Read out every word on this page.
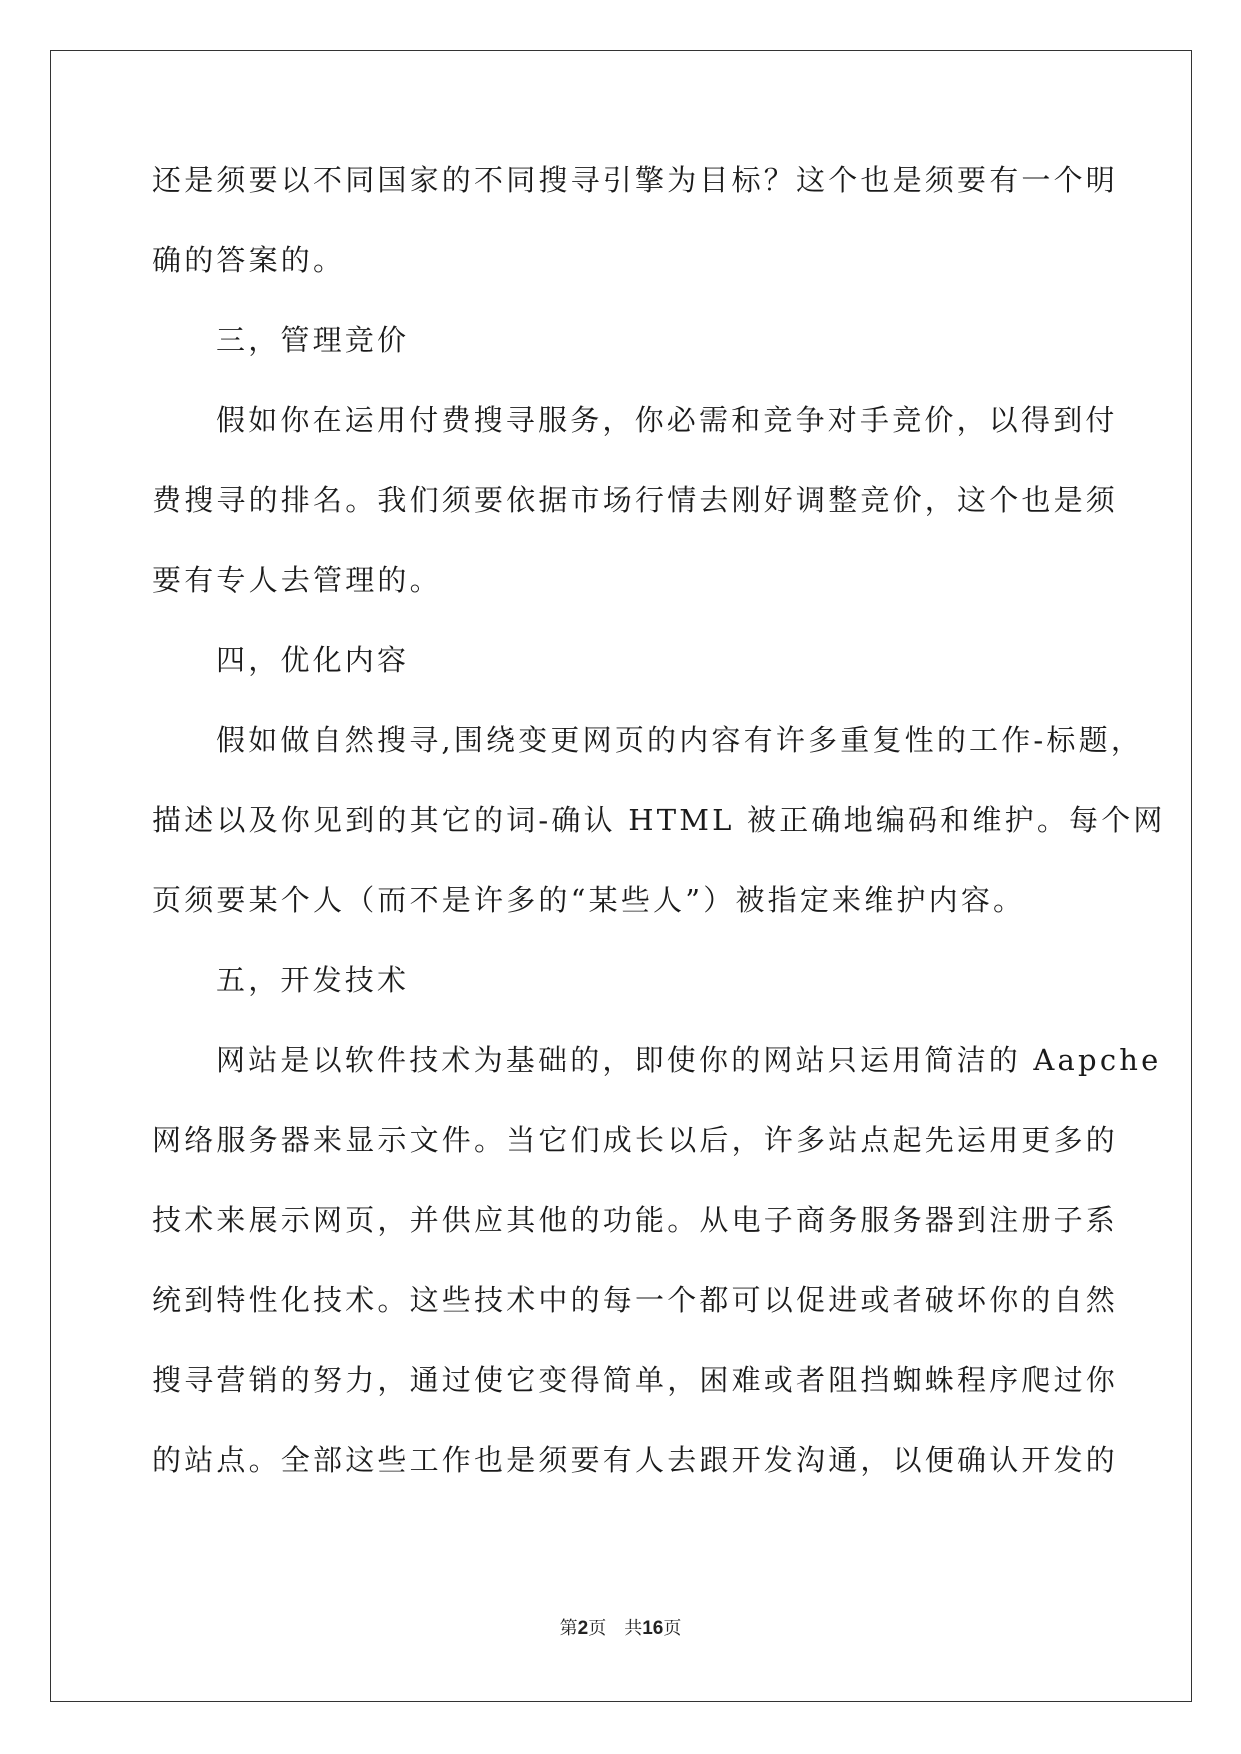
还是须要以不同国家的不同搜寻引擎为目标？这个也是须要有一个明
确的答案的。
三，管理竞价
假如你在运用付费搜寻服务，你必需和竞争对手竞价，以得到付
费搜寻的排名。我们须要依据市场行情去刚好调整竞价，这个也是须
要有专人去管理的。
四，优化内容
假如做自然搜寻,围绕变更网页的内容有许多重复性的工作-标题，
描述以及你见到的其它的词-确认 HTML 被正确地编码和维护。每个网
页须要某个人（而不是许多的“某些人”）被指定来维护内容。
五，开发技术
网站是以软件技术为基础的，即使你的网站只运用简洁的 Aapche
网络服务器来显示文件。当它们成长以后，许多站点起先运用更多的
技术来展示网页，并供应其他的功能。从电子商务服务器到注册子系
统到特性化技术。这些技术中的每一个都可以促进或者破坏你的自然
搜寻营销的努力，通过使它变得简单，困难或者阻挡蜘蛛程序爬过你
的站点。全部这些工作也是须要有人去跟开发沟通，以便确认开发的
第2页 共16页
